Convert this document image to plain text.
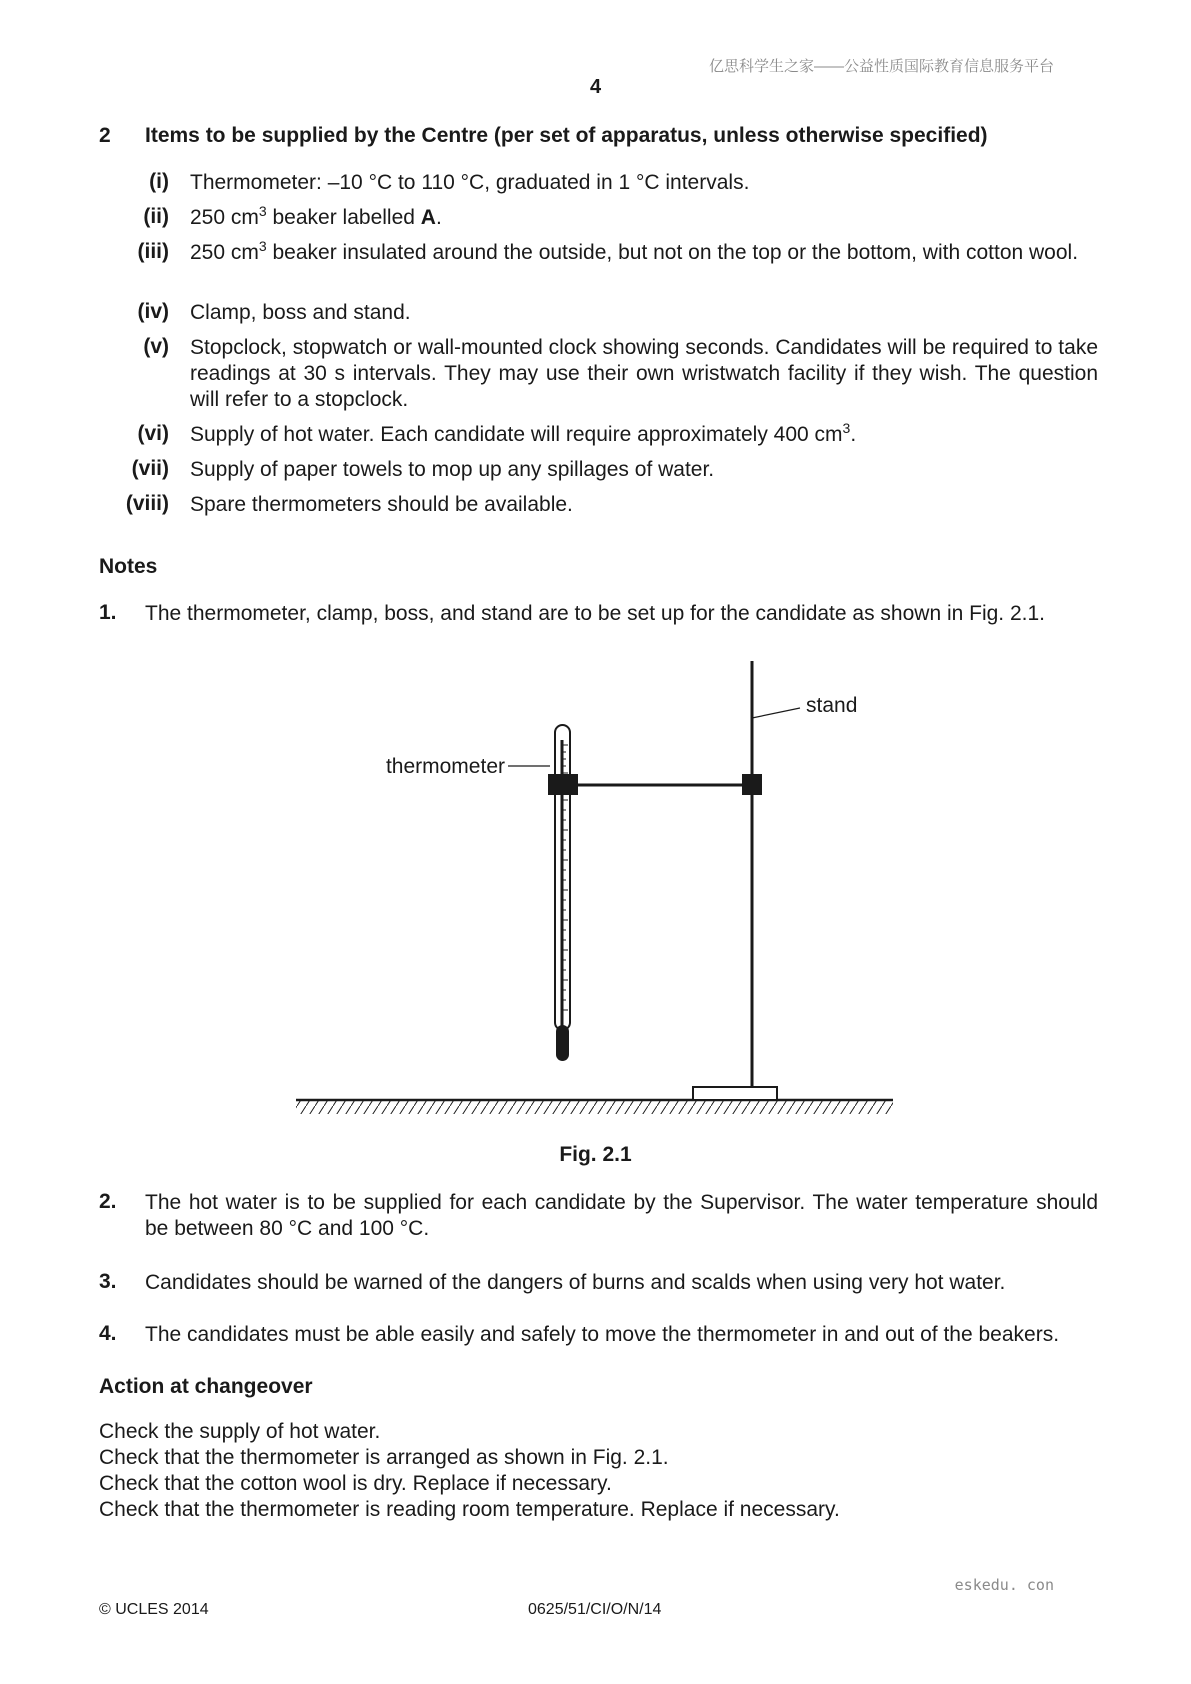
亿思科学生之家——公益性质国际教育信息服务平台
4
2 Items to be supplied by the Centre (per set of apparatus, unless otherwise specified)
(i) Thermometer: –10 °C to 110 °C, graduated in 1 °C intervals.
(ii) 250 $cm^3$ beaker labelled A.
(iii) 250 $cm^3$ beaker insulated around the outside, but not on the top or the bottom, with cotton wool.
(iv) Clamp, boss and stand.
(v) Stopclock, stopwatch or wall-mounted clock showing seconds. Candidates will be required to take readings at 30 s intervals. They may use their own wristwatch facility if they wish. The question will refer to a stopclock.
(vi) Supply of hot water. Each candidate will require approximately 400 $cm^3$.
(vii) Supply of paper towels to mop up any spillages of water.
(viii) Spare thermometers should be available.
Notes
1. The thermometer, clamp, boss, and stand are to be set up for the candidate as shown in Fig. 2.1.
thermometer
stand
Fig. 2.1
2. The hot water is to be supplied for each candidate by the Supervisor. The water temperature should be between 80 °C and 100 °C.
3. Candidates should be warned of the dangers of burns and scalds when using very hot water.
4. The candidates must be able easily and safely to move the thermometer in and out of the beakers.
Action at changeover
Check the supply of hot water.
Check that the thermometer is arranged as shown in Fig. 2.1.
Check that the cotton wool is dry. Replace if necessary.
Check that the thermometer is reading room temperature. Replace if necessary.
eskedu. con
© UCLES 2014	0625/51/CI/O/N/14
